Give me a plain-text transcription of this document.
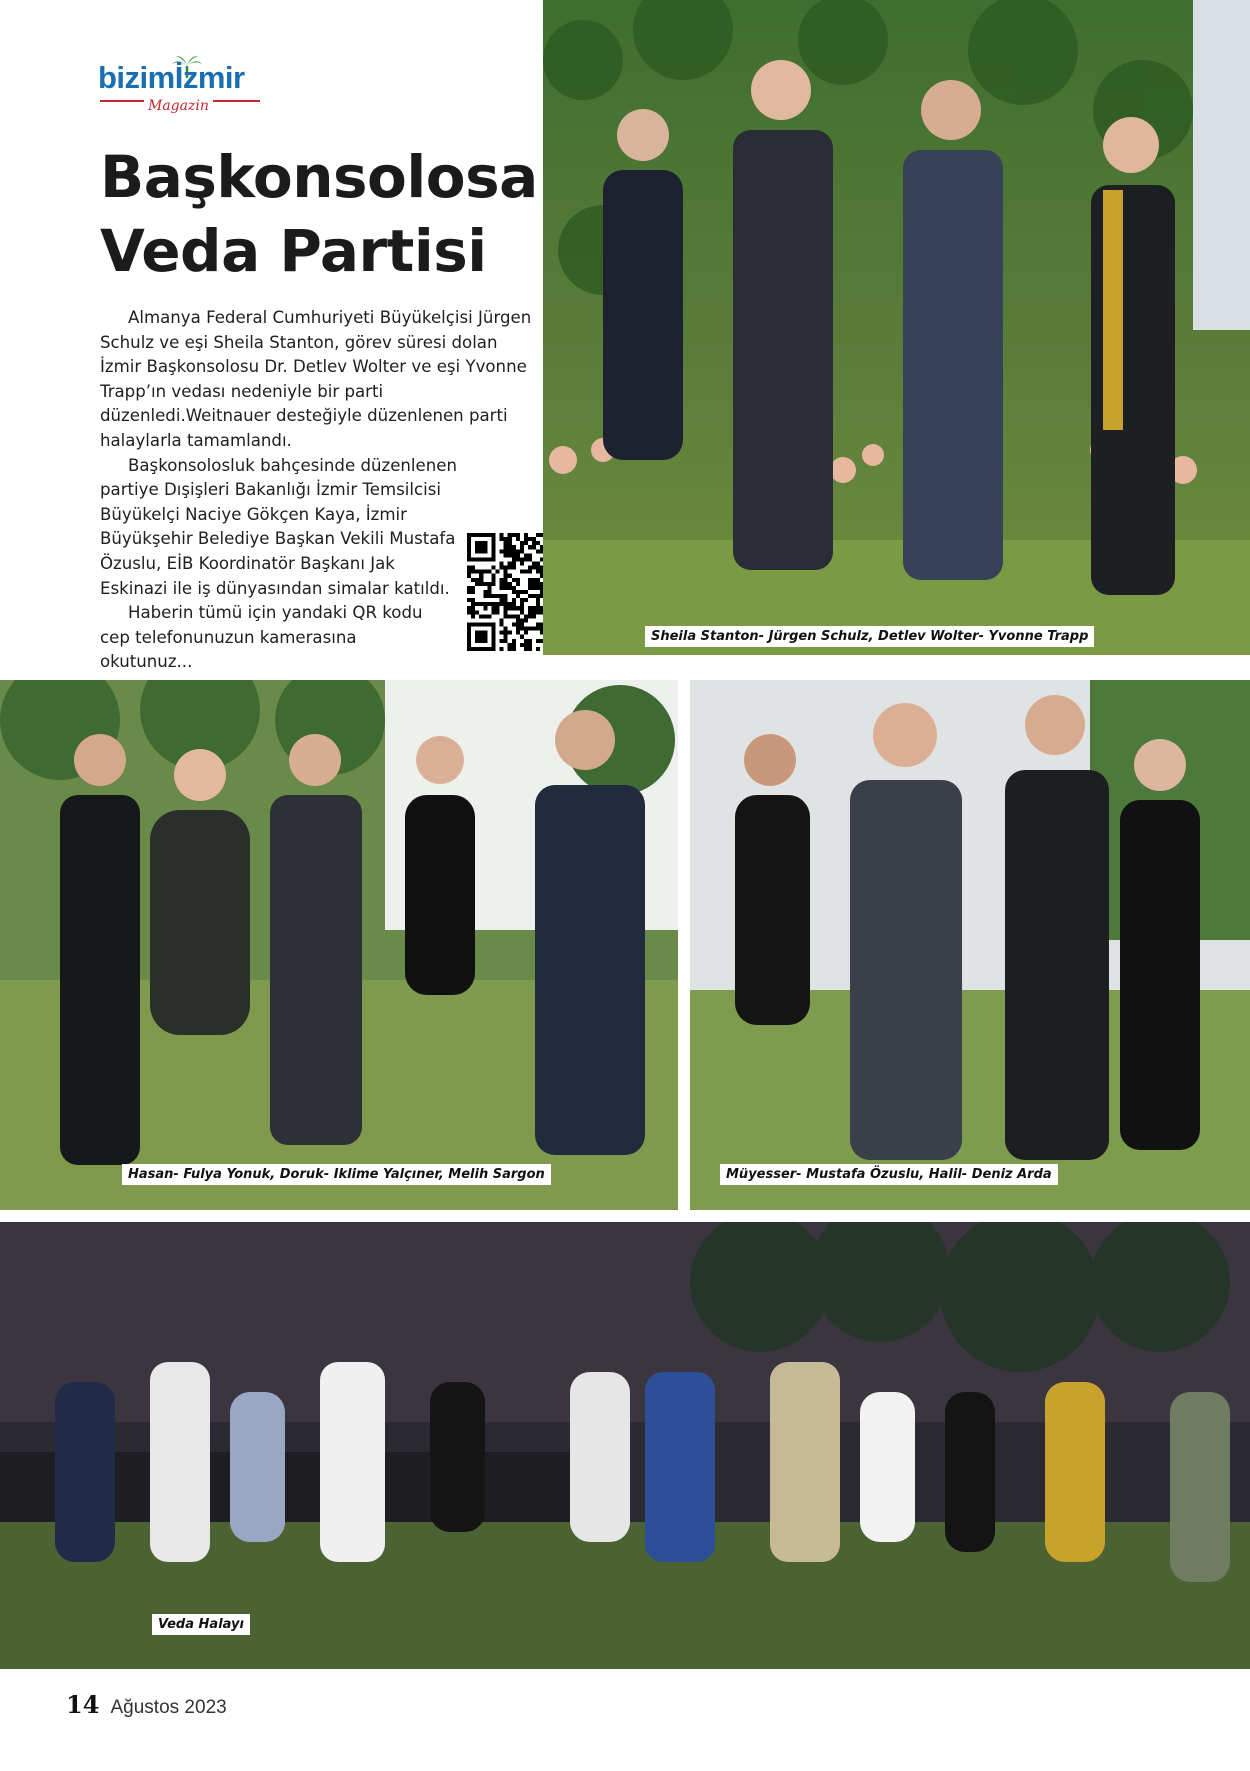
bizimİzmir
Magazin
Başkonsolosa
Veda Partisi

Almanya Federal Cumhuriyeti Büyükelçisi Jürgen Schulz ve eşi Sheila Stanton, görev süresi dolan İzmir Başkonsolosu Dr. Detlev Wolter ve eşi Yvonne Trapp’ın vedası nedeniyle bir parti düzenledi.Weitnauer desteğiyle düzenlenen parti halaylarla tamamlandı.

Başkonsolosluk bahçesinde düzenlenen partiye Dışişleri Bakanlığı İzmir Temsilcisi Büyükelçi Naciye Gökçen Kaya, İzmir Büyükşehir Belediye Başkan Vekili Mustafa Özuslu, EİB Koordinatör Başkanı Jak Eskinazi ile iş dünyasından simalar katıldı.

Haberin tümü için yandaki QR kodu cep telefonunuzun kamerasına okutunuz...

Sheila Stanton- Jürgen Schulz, Detlev Wolter- Yvonne Trapp
Hasan- Fulya Yonuk, Doruk- Iklime Yalçıner, Melih Sargon	Müyesser- Mustafa Özuslu, Halil- Deniz Arda
Veda Halayı
14 Ağustos 2023
